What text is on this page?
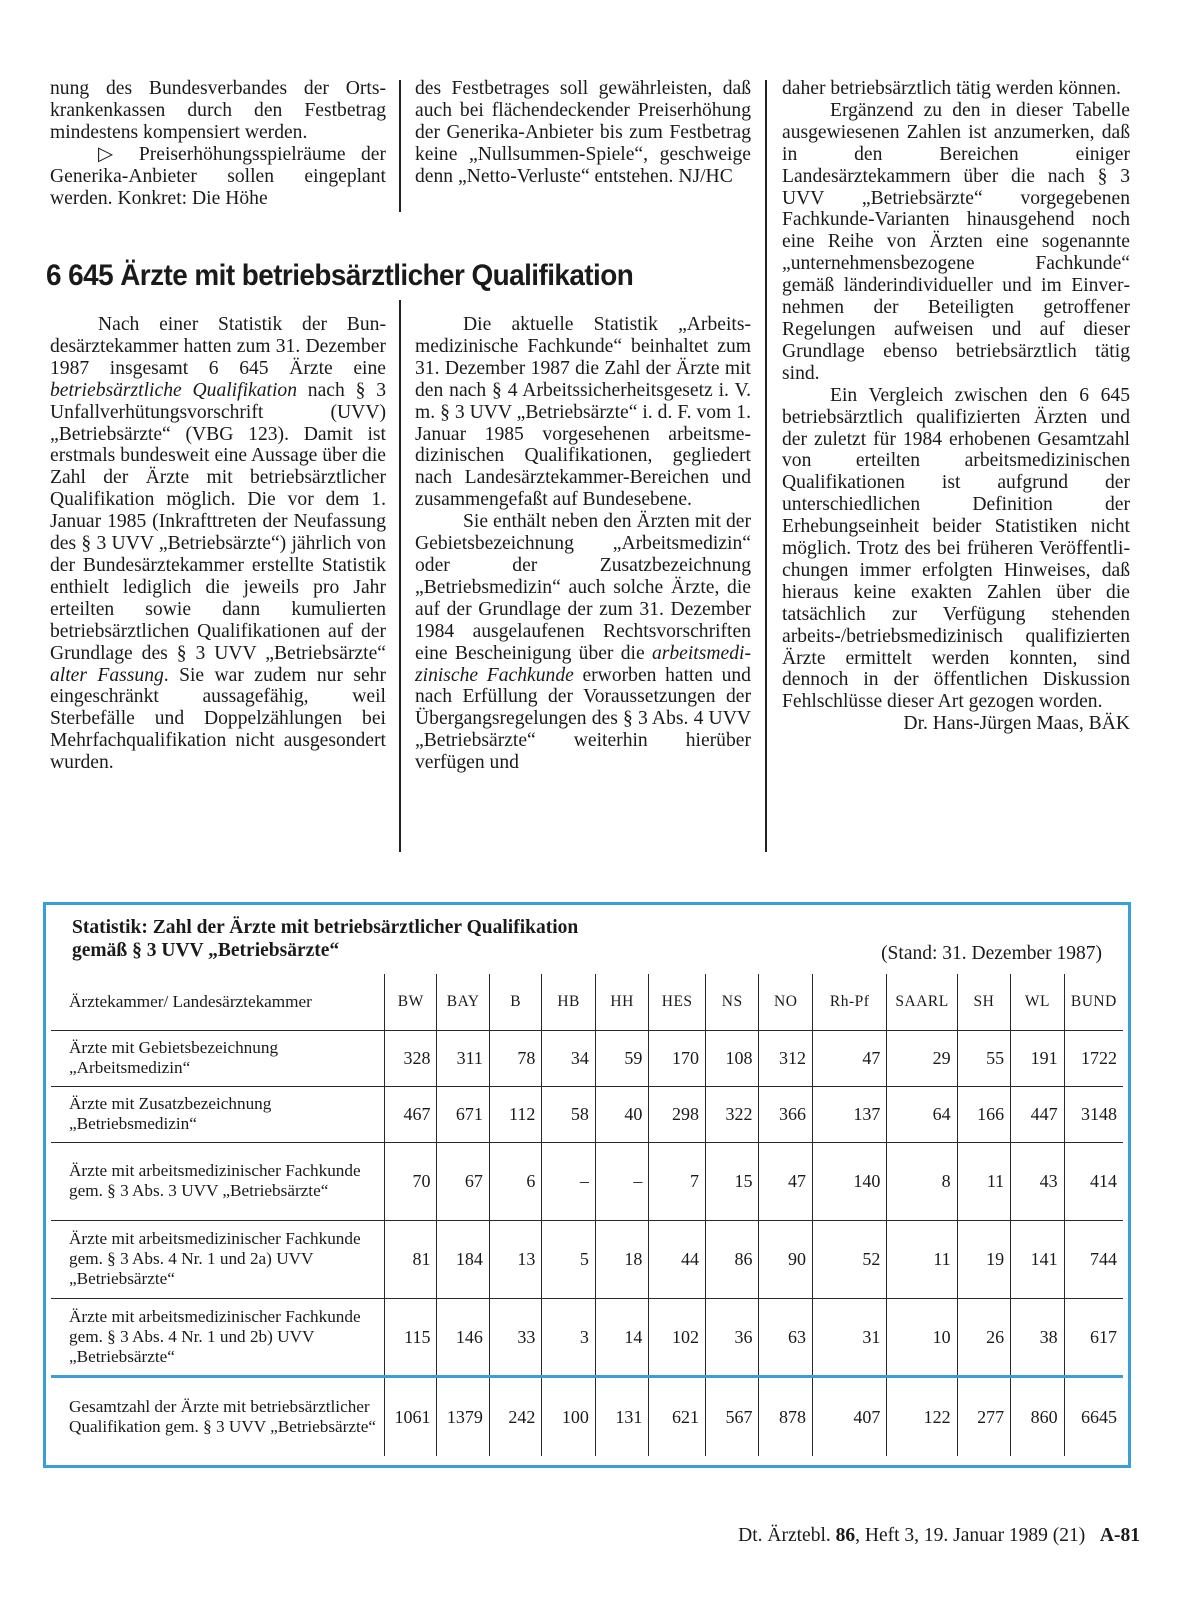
nung des Bundesverbandes der Ortskrankenkassen durch den Festbetrag mindestens kompensiert werden.

▷ Preiserhöhungsspielräume der Generika-Anbieter sollen eingeplant werden. Konkret: Die Höhe

des Festbetrages soll gewährleisten, daß auch bei flächendeckender Preiserhöhung der Generika-Anbieter bis zum Festbetrag keine „Nullsummen-Spiele“, geschweige denn „Netto-Verluste“ entstehen. NJ/HC

6 645 Ärzte mit betriebsärztlicher Qualifikation

Nach einer Statistik der Bundesärztekammer hatten zum 31. Dezember 1987 insgesamt 6 645 Ärzte eine betriebsärztliche Qualifikation nach § 3 Unfallverhütungsvorschrift (UVV) „Betriebsärzte“ (VBG 123). Damit ist erstmals bundesweit eine Aussage über die Zahl der Ärzte mit betriebsärztlicher Qualifikation möglich. Die vor dem 1. Januar 1985 (Inkrafttreten der Neufassung des § 3 UVV „Betriebsärzte“) jährlich von der Bundesärztekammer erstellte Statistik enthielt lediglich die jeweils pro Jahr erteilten sowie dann kumulierten betriebsärztlichen Qualifikationen auf der Grundlage des § 3 UVV „Betriebsärzte“ alter Fassung. Sie war zudem nur sehr eingeschränkt aussagefähig, weil Sterbefälle und Doppelzählungen bei Mehrfachqualifikation nicht ausgesondert wurden.

Die aktuelle Statistik „Arbeitsmedizinische Fachkunde“ beinhaltet zum 31. Dezember 1987 die Zahl der Ärzte mit den nach § 4 Arbeitssicherheitsgesetz i. V. m. § 3 UVV „Betriebsärzte“ i. d. F. vom 1. Januar 1985 vorgesehenen arbeitsmedizinischen Qualifikationen, gegliedert nach Landesärztekammer-Bereichen und zusammengefaßt auf Bundesebene.

Sie enthält neben den Ärzten mit der Gebietsbezeichnung „Arbeitsmedizin“ oder der Zusatzbezeichnung „Betriebsmedizin“ auch solche Ärzte, die auf der Grundlage der zum 31. Dezember 1984 ausgelaufenen Rechtsvorschriften eine Bescheinigung über die arbeitsmedizinische Fachkunde erworben hatten und nach Erfüllung der Voraussetzungen der Übergangsregelungen des § 3 Abs. 4 UVV „Betriebsärzte“ weiterhin hierüber verfügen und

daher betriebsärztlich tätig werden können.

Ergänzend zu den in dieser Tabelle ausgewiesenen Zahlen ist anzumerken, daß in den Bereichen einiger Landesärztekammern über die nach § 3 UVV „Betriebsärzte“ vorgegebenen Fachkunde-Varianten hinausgehend noch eine Reihe von Ärzten eine sogenannte „unternehmensbezogene Fachkunde“ gemäß länderindividueller und im Einvernehmen der Beteiligten getroffener Regelungen aufweisen und auf dieser Grundlage ebenso betriebsärztlich tätig sind.

Ein Vergleich zwischen den 6 645 betriebsärztlich qualifizierten Ärzten und der zuletzt für 1984 erhobenen Gesamtzahl von erteilten arbeitsmedizinischen Qualifikationen ist aufgrund der unterschiedlichen Definition der Erhebungseinheit beider Statistiken nicht möglich. Trotz des bei früheren Veröffentlichungen immer erfolgten Hinweises, daß hieraus keine exakten Zahlen über die tatsächlich zur Verfügung stehenden arbeits-/betriebsmedizinisch qualifizierten Ärzte ermittelt werden konnten, sind dennoch in der öffentlichen Diskussion Fehlschlüsse dieser Art gezogen worden.

Dr. Hans-Jürgen Maas, BÄK

Statistik: Zahl der Ärzte mit betriebsärztlicher Qualifikation
gemäß § 3 UVV „Betriebsärzte“	(Stand: 31. Dezember 1987)
Ärztekammer/ Landesärztekammer	BW	BAY	B	HB	HH	HES	NS	NO	Rh-Pf	SAARL	SH	WL	BUND
Ärzte mit Gebietsbezeichnung „Arbeitsmedizin“	328	311	78	34	59	170	108	312	47	29	55	191	1722
Ärzte mit Zusatzbezeichnung „Betriebsmedizin“	467	671	112	58	40	298	322	366	137	64	166	447	3148
Ärzte mit arbeitsmedizinischer Fachkunde gem. § 3 Abs. 3 UVV „Betriebsärzte“	70	67	6	–	–	7	15	47	140	8	11	43	414
Ärzte mit arbeitsmedizinischer Fachkunde gem. § 3 Abs. 4 Nr. 1 und 2a) UVV „Betriebsärzte“	81	184	13	5	18	44	86	90	52	11	19	141	744
Ärzte mit arbeitsmedizinischer Fachkunde gem. § 3 Abs. 4 Nr. 1 und 2b) UVV „Betriebsärzte“	115	146	33	3	14	102	36	63	31	10	26	38	617
Gesamtzahl der Ärzte mit betriebsärztlicher Qualifikation gem. § 3 UVV „Betriebsärzte“	1061	1379	242	100	131	621	567	878	407	122	277	860	6645
Dt. Ärztebl. 86, Heft 3, 19. Januar 1989 (21) A-81
